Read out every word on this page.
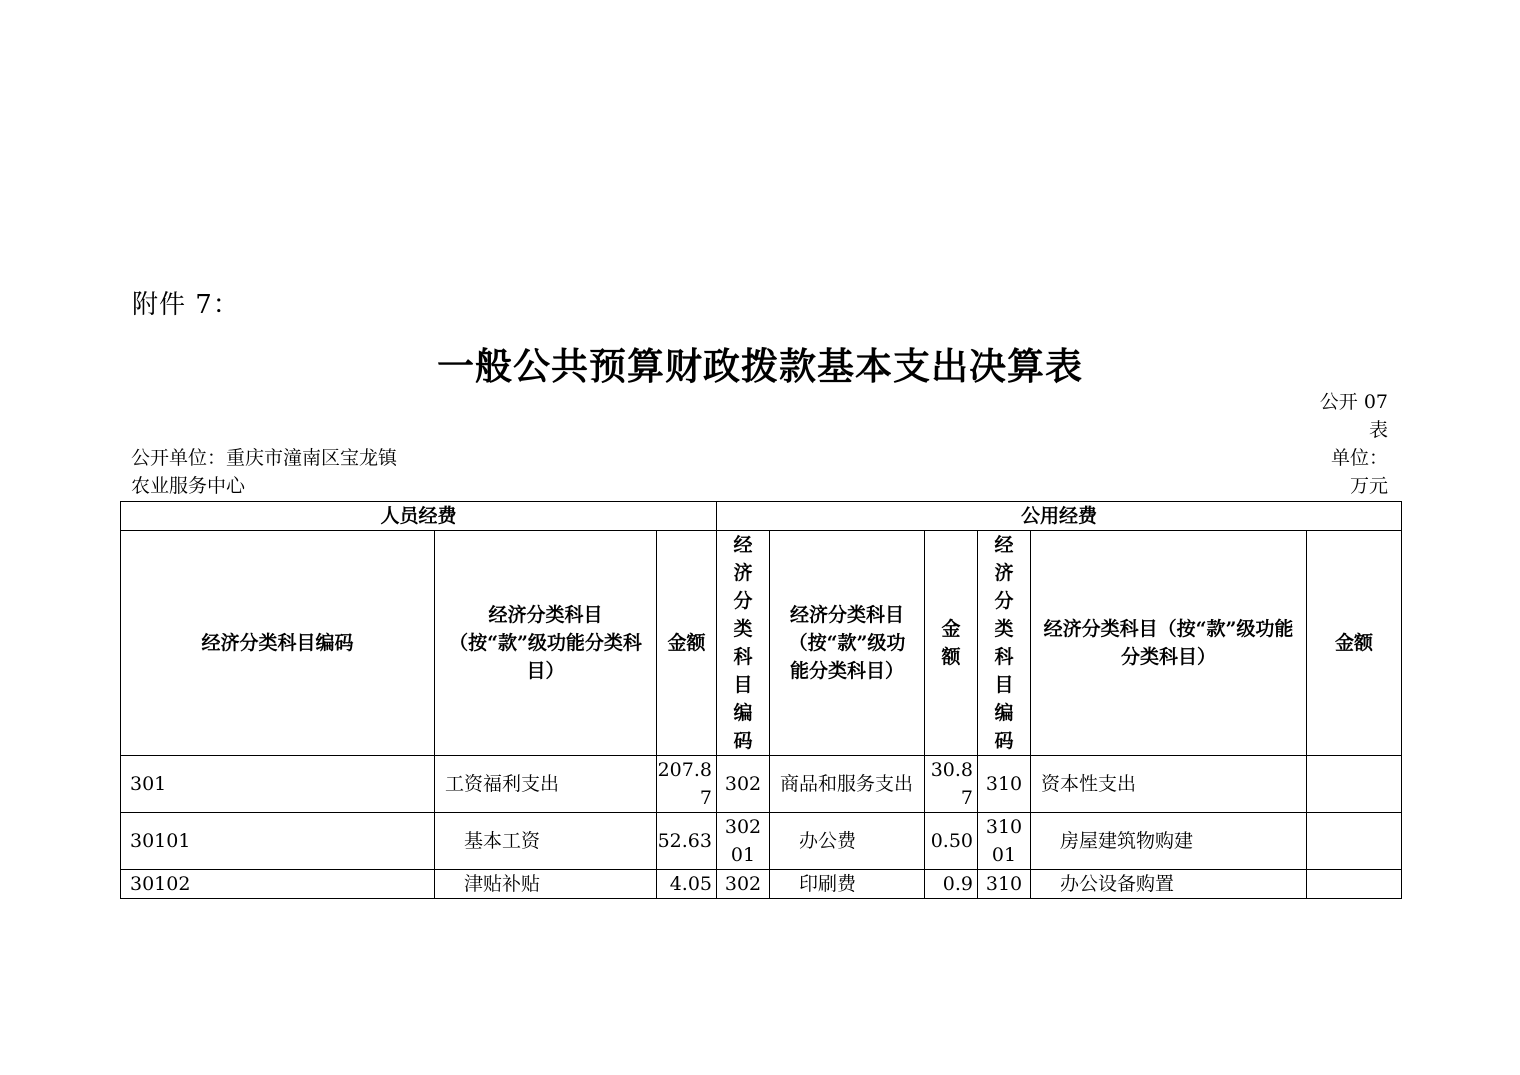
附件 7：
一般公共预算财政拨款基本支出决算表
公开 07
表
公开单位：重庆市潼南区宝龙镇
农业服务中心
单位：
万元
人员经费			公用经费					
经济分类科目编码	经济分类科目（按“款”级功能分类科目）	金额	经济分类科目编码	经济分类科目（按“款”级功能分类科目）	金额	经济分类科目编码	经济分类科目（按“款”级功能分类科目）	金额
301	工资福利支出	207.87	302	商品和服务支出	30.87	310	资本性支出	
30101	基本工资	52.63	30201	办公费	0.50	31001	房屋建筑物购建	
30102	津贴补贴	4.05	302	印刷费	0.9	310	办公设备购置	
